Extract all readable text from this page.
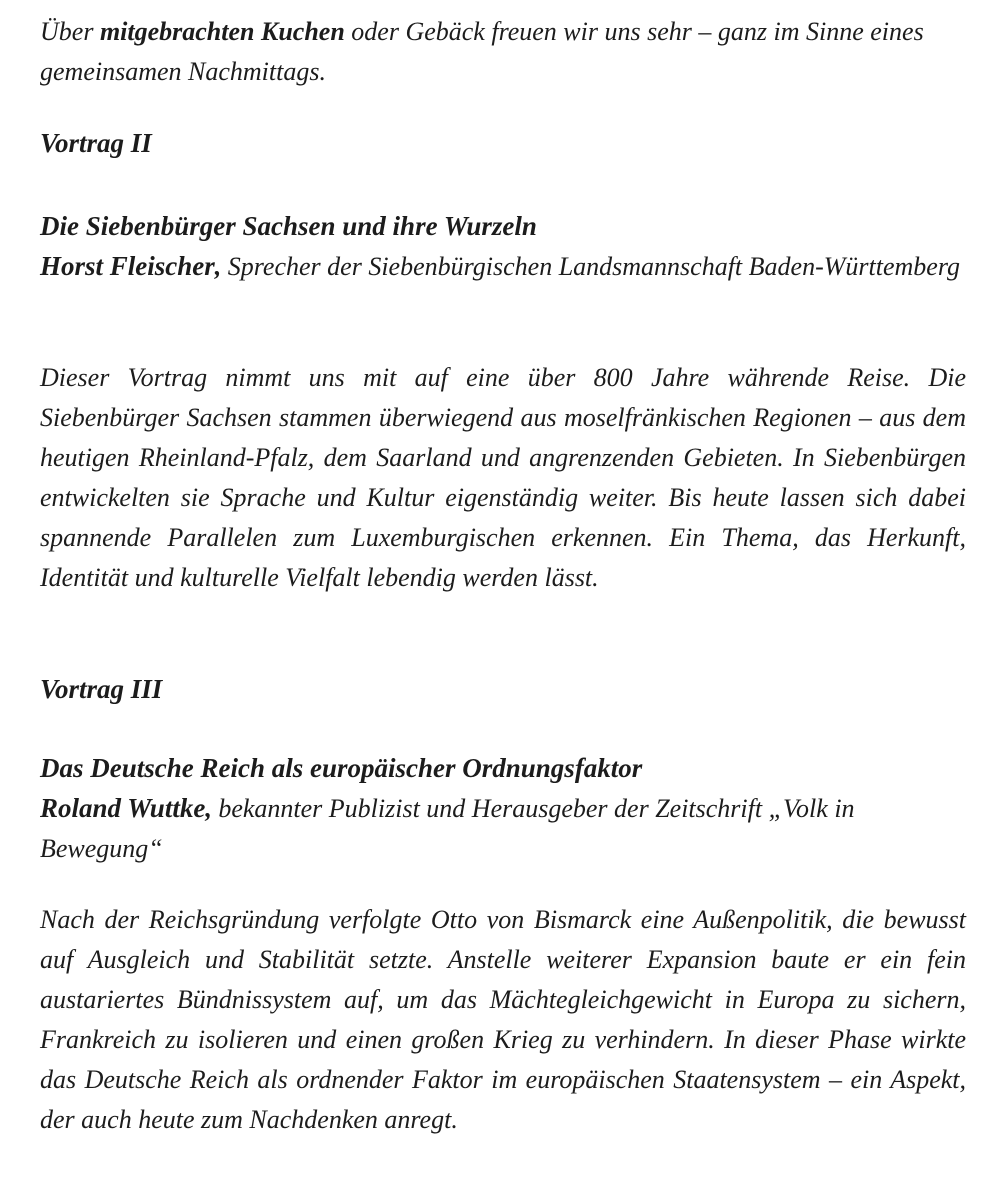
Über mitgebrachten Kuchen oder Gebäck freuen wir uns sehr – ganz im Sinne eines gemeinsamen Nachmittags.

Vortrag II

Die Siebenbürger Sachsen und ihre Wurzeln

Horst Fleischer, Sprecher der Siebenbürgischen Landsmannschaft Baden-Württemberg

Dieser Vortrag nimmt uns mit auf eine über 800 Jahre währende Reise. Die Siebenbürger Sachsen stammen überwiegend aus moselfränkischen Regionen – aus dem heutigen Rheinland-Pfalz, dem Saarland und angrenzenden Gebieten. In Siebenbürgen entwickelten sie Sprache und Kultur eigenständig weiter. Bis heute lassen sich dabei spannende Parallelen zum Luxemburgischen erkennen. Ein Thema, das Herkunft, Identität und kulturelle Vielfalt lebendig werden lässt.

Vortrag III

Das Deutsche Reich als europäischer Ordnungsfaktor

Roland Wuttke, bekannter Publizist und Herausgeber der Zeitschrift „Volk in Bewegung“

Nach der Reichsgründung verfolgte Otto von Bismarck eine Außenpolitik, die bewusst auf Ausgleich und Stabilität setzte. Anstelle weiterer Expansion baute er ein fein austariertes Bündnissystem auf, um das Mächtegleichgewicht in Europa zu sichern, Frankreich zu isolieren und einen großen Krieg zu verhindern. In dieser Phase wirkte das Deutsche Reich als ordnender Faktor im europäischen Staatensystem – ein Aspekt, der auch heute zum Nachdenken anregt.
